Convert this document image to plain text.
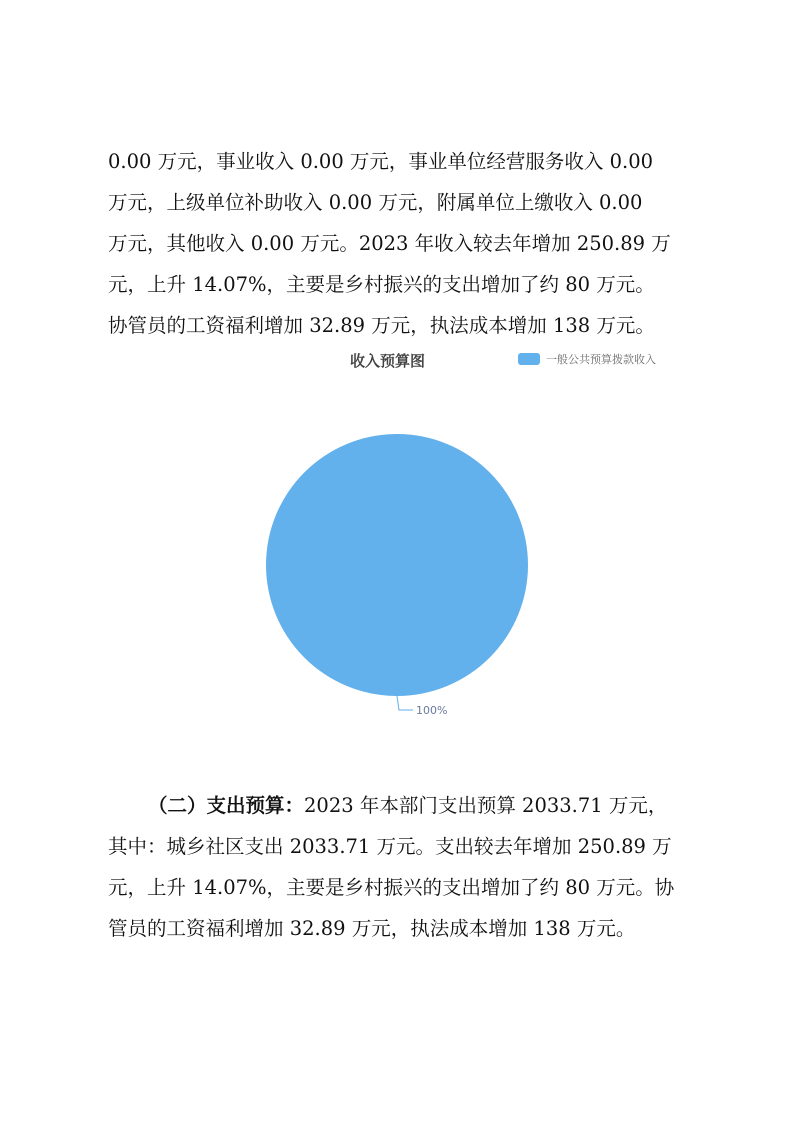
0.00 万元，事业收入 0.00 万元，事业单位经营服务收入 0.00
万元，上级单位补助收入 0.00 万元，附属单位上缴收入 0.00
万元，其他收入 0.00 万元。2023 年收入较去年增加 250.89 万
元，上升 14.07%，主要是乡村振兴的支出增加了约 80 万元。
协管员的工资福利增加 32.89 万元，执法成本增加 138 万元。
100%
收入预算图	一般公共预算拨款收入
（二）支出预算：2023 年本部门支出预算 2033.71 万元，
其中：城乡社区支出 2033.71 万元。支出较去年增加 250.89 万
元，上升 14.07%，主要是乡村振兴的支出增加了约 80 万元。协
管员的工资福利增加 32.89 万元，执法成本增加 138 万元。
